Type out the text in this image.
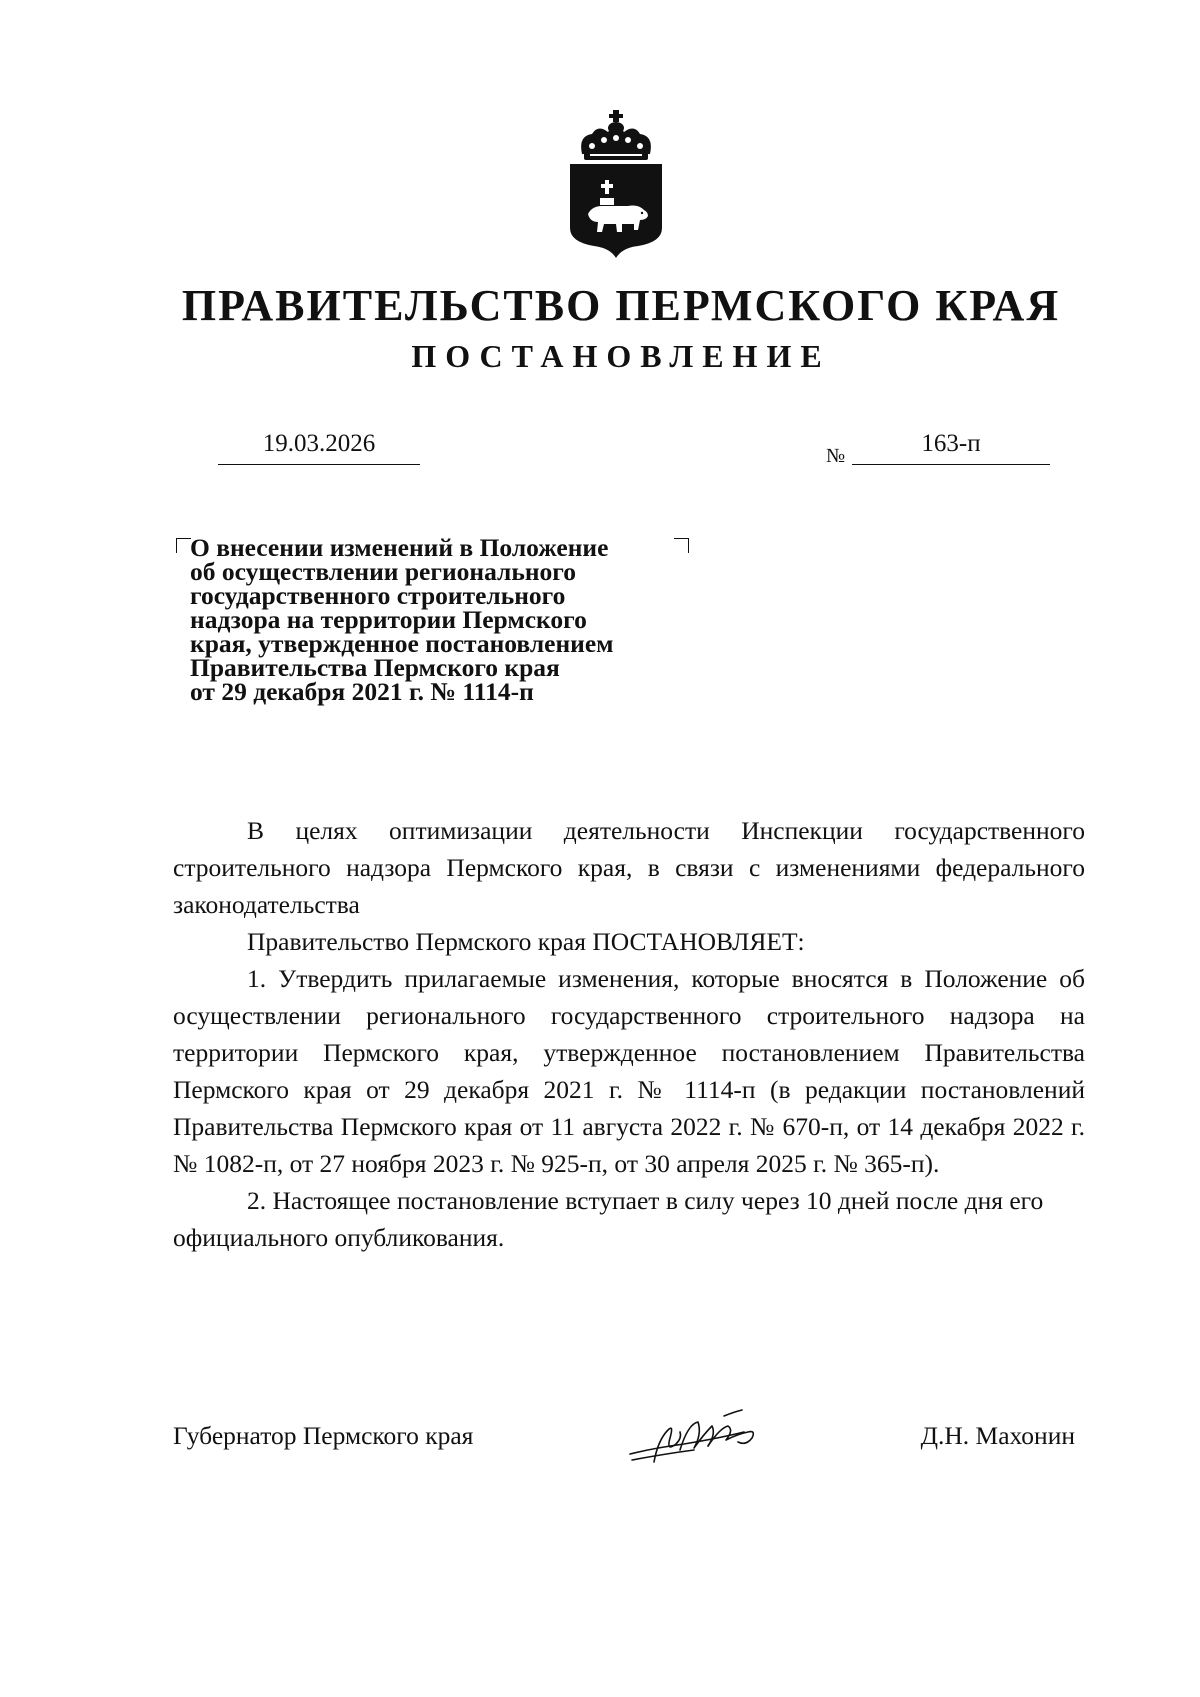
ПРАВИТЕЛЬСТВО ПЕРМСКОГО КРАЯ
ПОСТАНОВЛЕНИЕ
19.03.2026	№	163-п
О внесении изменений в Положение
об осуществлении регионального
государственного строительного
надзора на территории Пермского
края, утвержденное постановлением
Правительства Пермского края
от 29 декабря 2021 г. № 1114-п

В целях оптимизации деятельности Инспекции государственного строительного надзора Пермского края, в связи с изменениями федерального законодательства

Правительство Пермского края ПОСТАНОВЛЯЕТ:

1. Утвердить прилагаемые изменения, которые вносятся в Положение об осуществлении регионального государственного строительного надзора на территории Пермского края, утвержденное постановлением Правительства Пермского края от 29 декабря 2021 г. № 1114-п (в редакции постановлений Правительства Пермского края от 11 августа 2022 г. № 670-п, от 14 декабря 2022 г. № 1082-п, от 27 ноября 2023 г. № 925-п, от 30 апреля 2025 г. № 365-п).

2. Настоящее постановление вступает в силу через 10 дней после дня его официального опубликования.

Губернатор Пермского края	Д.Н. Махонин
